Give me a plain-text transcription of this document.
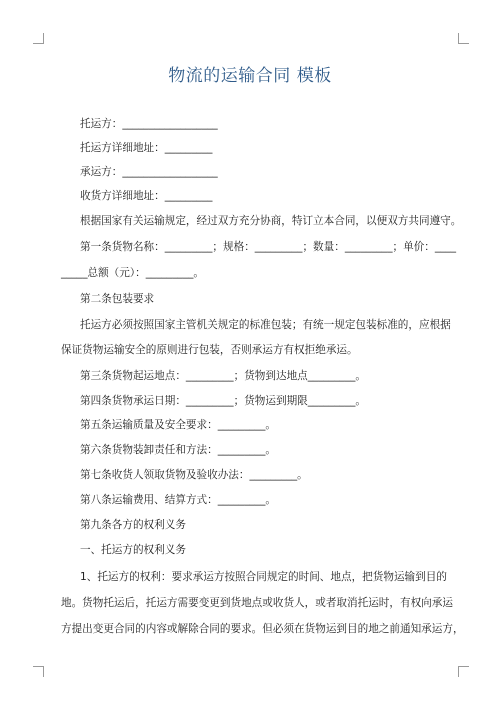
物流的运输合同 模板
托运方：__________________
托运方详细地址：_________
承运方：__________________
收货方详细地址：_________
根据国家有关运输规定，经过双方充分协商，特订立本合同，以便双方共同遵守。
第一条货物名称：_________；规格：_________；数量：_________；单价：____
_____总额（元）：_________。
第二条包装要求
托运方必须按照国家主管机关规定的标准包装；有统一规定包装标准的，应根据
保证货物运输安全的原则进行包装，否则承运方有权拒绝承运。
第三条货物起运地点：_________；货物到达地点_________。
第四条货物承运日期：_________；货物运到期限_________。
第五条运输质量及安全要求：_________。
第六条货物装卸责任和方法：_________。
第七条收货人领取货物及验收办法：_________。
第八条运输费用、结算方式：_________。
第九条各方的权利义务
一、托运方的权利义务
1、托运方的权利：要求承运方按照合同规定的时间、地点，把货物运输到目的
地。货物托运后，托运方需要变更到货地点或收货人，或者取消托运时，有权向承运
方提出变更合同的内容或解除合同的要求。但必须在货物运到目的地之前通知承运方，
